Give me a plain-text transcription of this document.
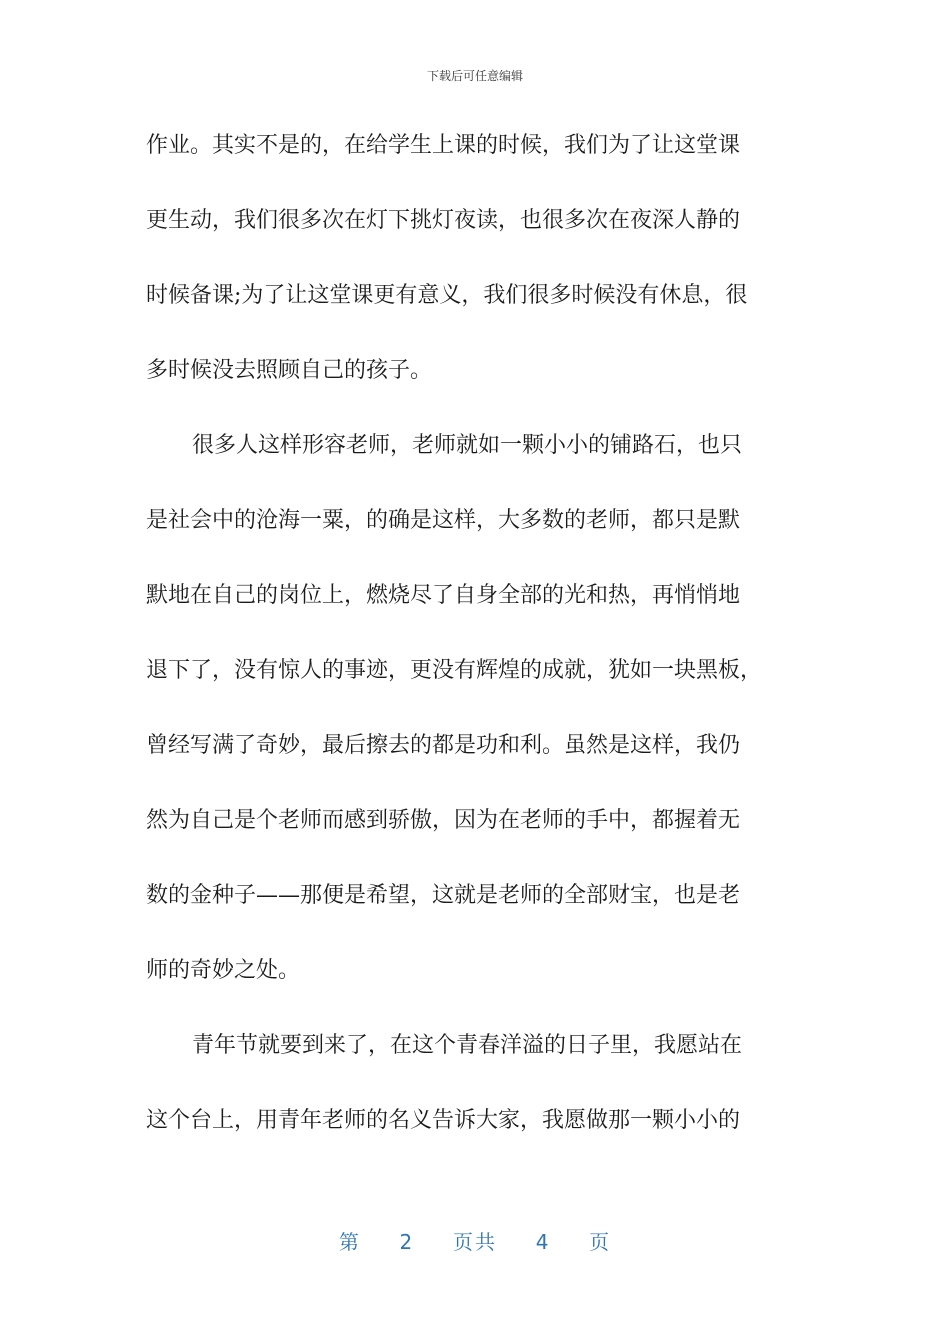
下载后可任意编辑
作业。其实不是的，在给学生上课的时候，我们为了让这堂课
更生动，我们很多次在灯下挑灯夜读，也很多次在夜深人静的
时候备课;为了让这堂课更有意义，我们很多时候没有休息，很
多时候没去照顾自己的孩子。
很多人这样形容老师，老师就如一颗小小的铺路石，也只
是社会中的沧海一粟，的确是这样，大多数的老师，都只是默
默地在自己的岗位上，燃烧尽了自身全部的光和热，再悄悄地
退下了，没有惊人的事迹，更没有辉煌的成就，犹如一块黑板，
曾经写满了奇妙，最后擦去的都是功和利。虽然是这样，我仍
然为自己是个老师而感到骄傲，因为在老师的手中，都握着无
数的金种子——那便是希望，这就是老师的全部财宝，也是老
师的奇妙之处。
青年节就要到来了，在这个青春洋溢的日子里，我愿站在
这个台上，用青年老师的名义告诉大家，我愿做那一颗小小的
第 2 页共 4 页
